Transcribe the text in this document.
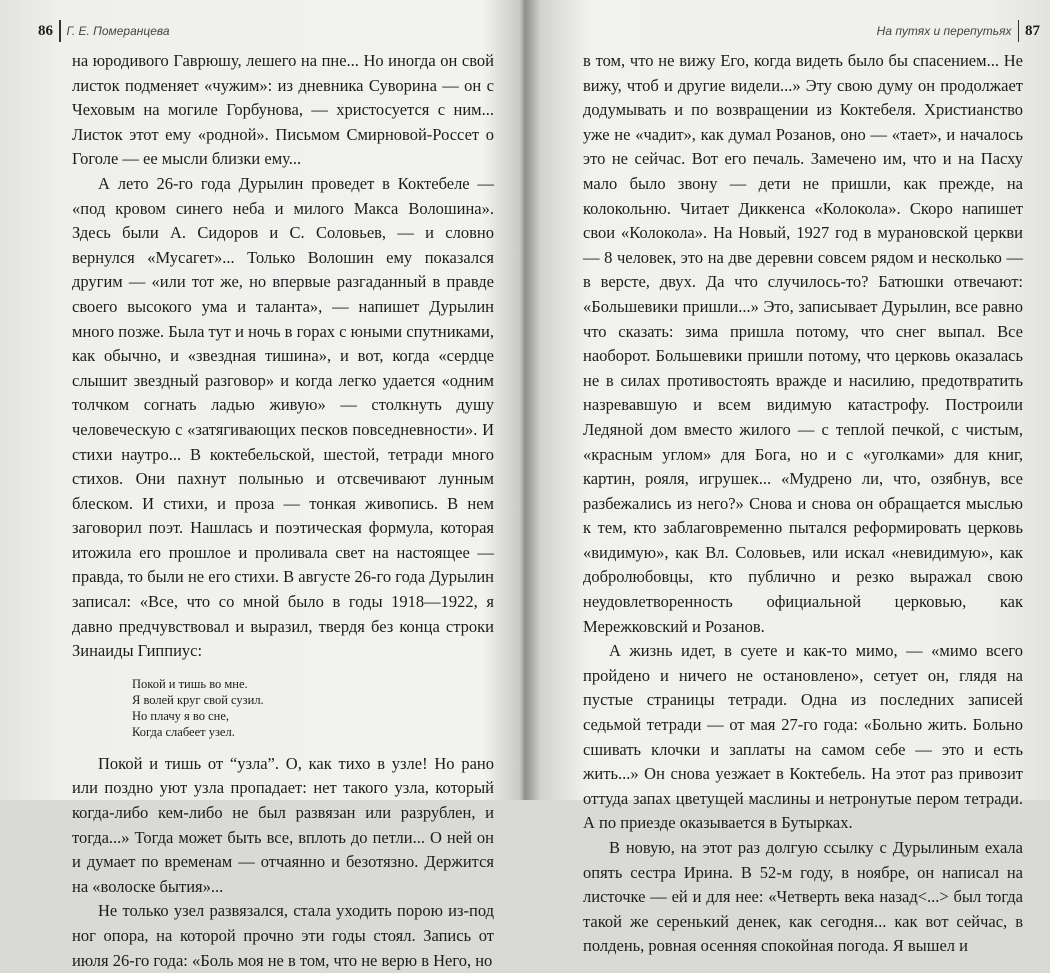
86 Г. Е. Померанцева

на юродивого Гаврюшу, лешего на пне... Но иногда он свой листок подменяет «чужим»: из дневника Суворина — он с Чеховым на могиле Горбунова, — христосуется с ним... Листок этот ему «родной». Письмом Смирновой-Россет о Гоголе — ее мысли близки ему...

А лето 26-го года Дурылин проведет в Коктебеле — «под кровом синего неба и милого Макса Волошина». Здесь были А. Сидоров и С. Соловьев, — и словно вернулся «Мусагет»... Только Волошин ему показался другим — «или тот же, но впервые разгаданный в правде своего высокого ума и таланта», — напишет Дурылин много позже. Была тут и ночь в горах с юными спутниками, как обычно, и «звездная тишина», и вот, когда «сердце слышит звездный разговор» и когда легко удается «одним толчком согнать ладью живую» — столкнуть душу человеческую с «затягивающих песков повседневности». И стихи наутро... В коктебельской, шестой, тетради много стихов. Они пахнут полынью и отсвечивают лунным блеском. И стихи, и проза — тонкая живопись. В нем заговорил поэт. Нашлась и поэтическая формула, которая итожила его прошлое и проливала свет на настоящее — правда, то были не его стихи. В августе 26-го года Дурылин записал: «Все, что со мной было в годы 1918—1922, я давно предчувствовал и выразил, твердя без конца строки Зинаиды Гиппиус:

Покой и тишь во мне.
Я волей круг свой сузил.
Но плачу я во сне,
Когда слабеет узел.

Покой и тишь от “узла”. О, как тихо в узле! Но рано или поздно уют узла пропадает: нет такого узла, который когда-либо кем-либо не был развязан или разрублен, и тогда...» Тогда может быть все, вплоть до петли... О ней он и думает по временам — отчаянно и безотязно. Держится на «волоске бытия»...

Не только узел развязался, стала уходить порою из-под ног опора, на которой прочно эти годы стоял. Запись от июля 26-го года: «Боль моя не в том, что не верю в Него, но

На путях и перепутьях 87

в том, что не вижу Его, когда видеть было бы спасением... Не вижу, чтоб и другие видели...» Эту свою думу он продолжает додумывать и по возвращении из Коктебеля. Христианство уже не «чадит», как думал Розанов, оно — «тает», и началось это не сейчас. Вот его печаль. Замечено им, что и на Пасху мало было звону — дети не пришли, как прежде, на колокольню. Читает Диккенса «Колокола». Скоро напишет свои «Колокола». На Новый, 1927 год в мурановской церкви — 8 человек, это на две деревни совсем рядом и несколько — в версте, двух. Да что случилось-то? Батюшки отвечают: «Большевики пришли...» Это, записывает Дурылин, все равно что сказать: зима пришла потому, что снег выпал. Все наоборот. Большевики пришли потому, что церковь оказалась не в силах противостоять вражде и насилию, предотвратить назревавшую и всем видимую катастрофу. Построили Ледяной дом вместо жилого — с теплой печкой, с чистым, «красным углом» для Бога, но и с «уголками» для книг, картин, рояля, игрушек... «Мудрено ли, что, озябнув, все разбежались из него?» Снова и снова он обращается мыслью к тем, кто заблаговременно пытался реформировать церковь «видимую», как Вл. Соловьев, или искал «невидимую», как добролюбовцы, кто публично и резко выражал свою неудовлетворенность официальной церковью, как Мережковский и Розанов.

А жизнь идет, в суете и как-то мимо, — «мимо всего пройдено и ничего не остановлено», сетует он, глядя на пустые страницы тетради. Одна из последних записей седьмой тетради — от мая 27-го года: «Больно жить. Больно сшивать клочки и заплаты на самом себе — это и есть жить...» Он снова уезжает в Коктебель. На этот раз привозит оттуда запах цветущей маслины и нетронутые пером тетради. А по приезде оказывается в Бутырках.

В новую, на этот раз долгую ссылку с Дурылиным ехала опять сестра Ирина. В 52-м году, в ноябре, он написал на листочке — ей и для нее: «Четверть века назад<...> был тогда такой же серенький денек, как сегодня... как вот сейчас, в полдень, ровная осенняя спокойная погода. Я вышел и
